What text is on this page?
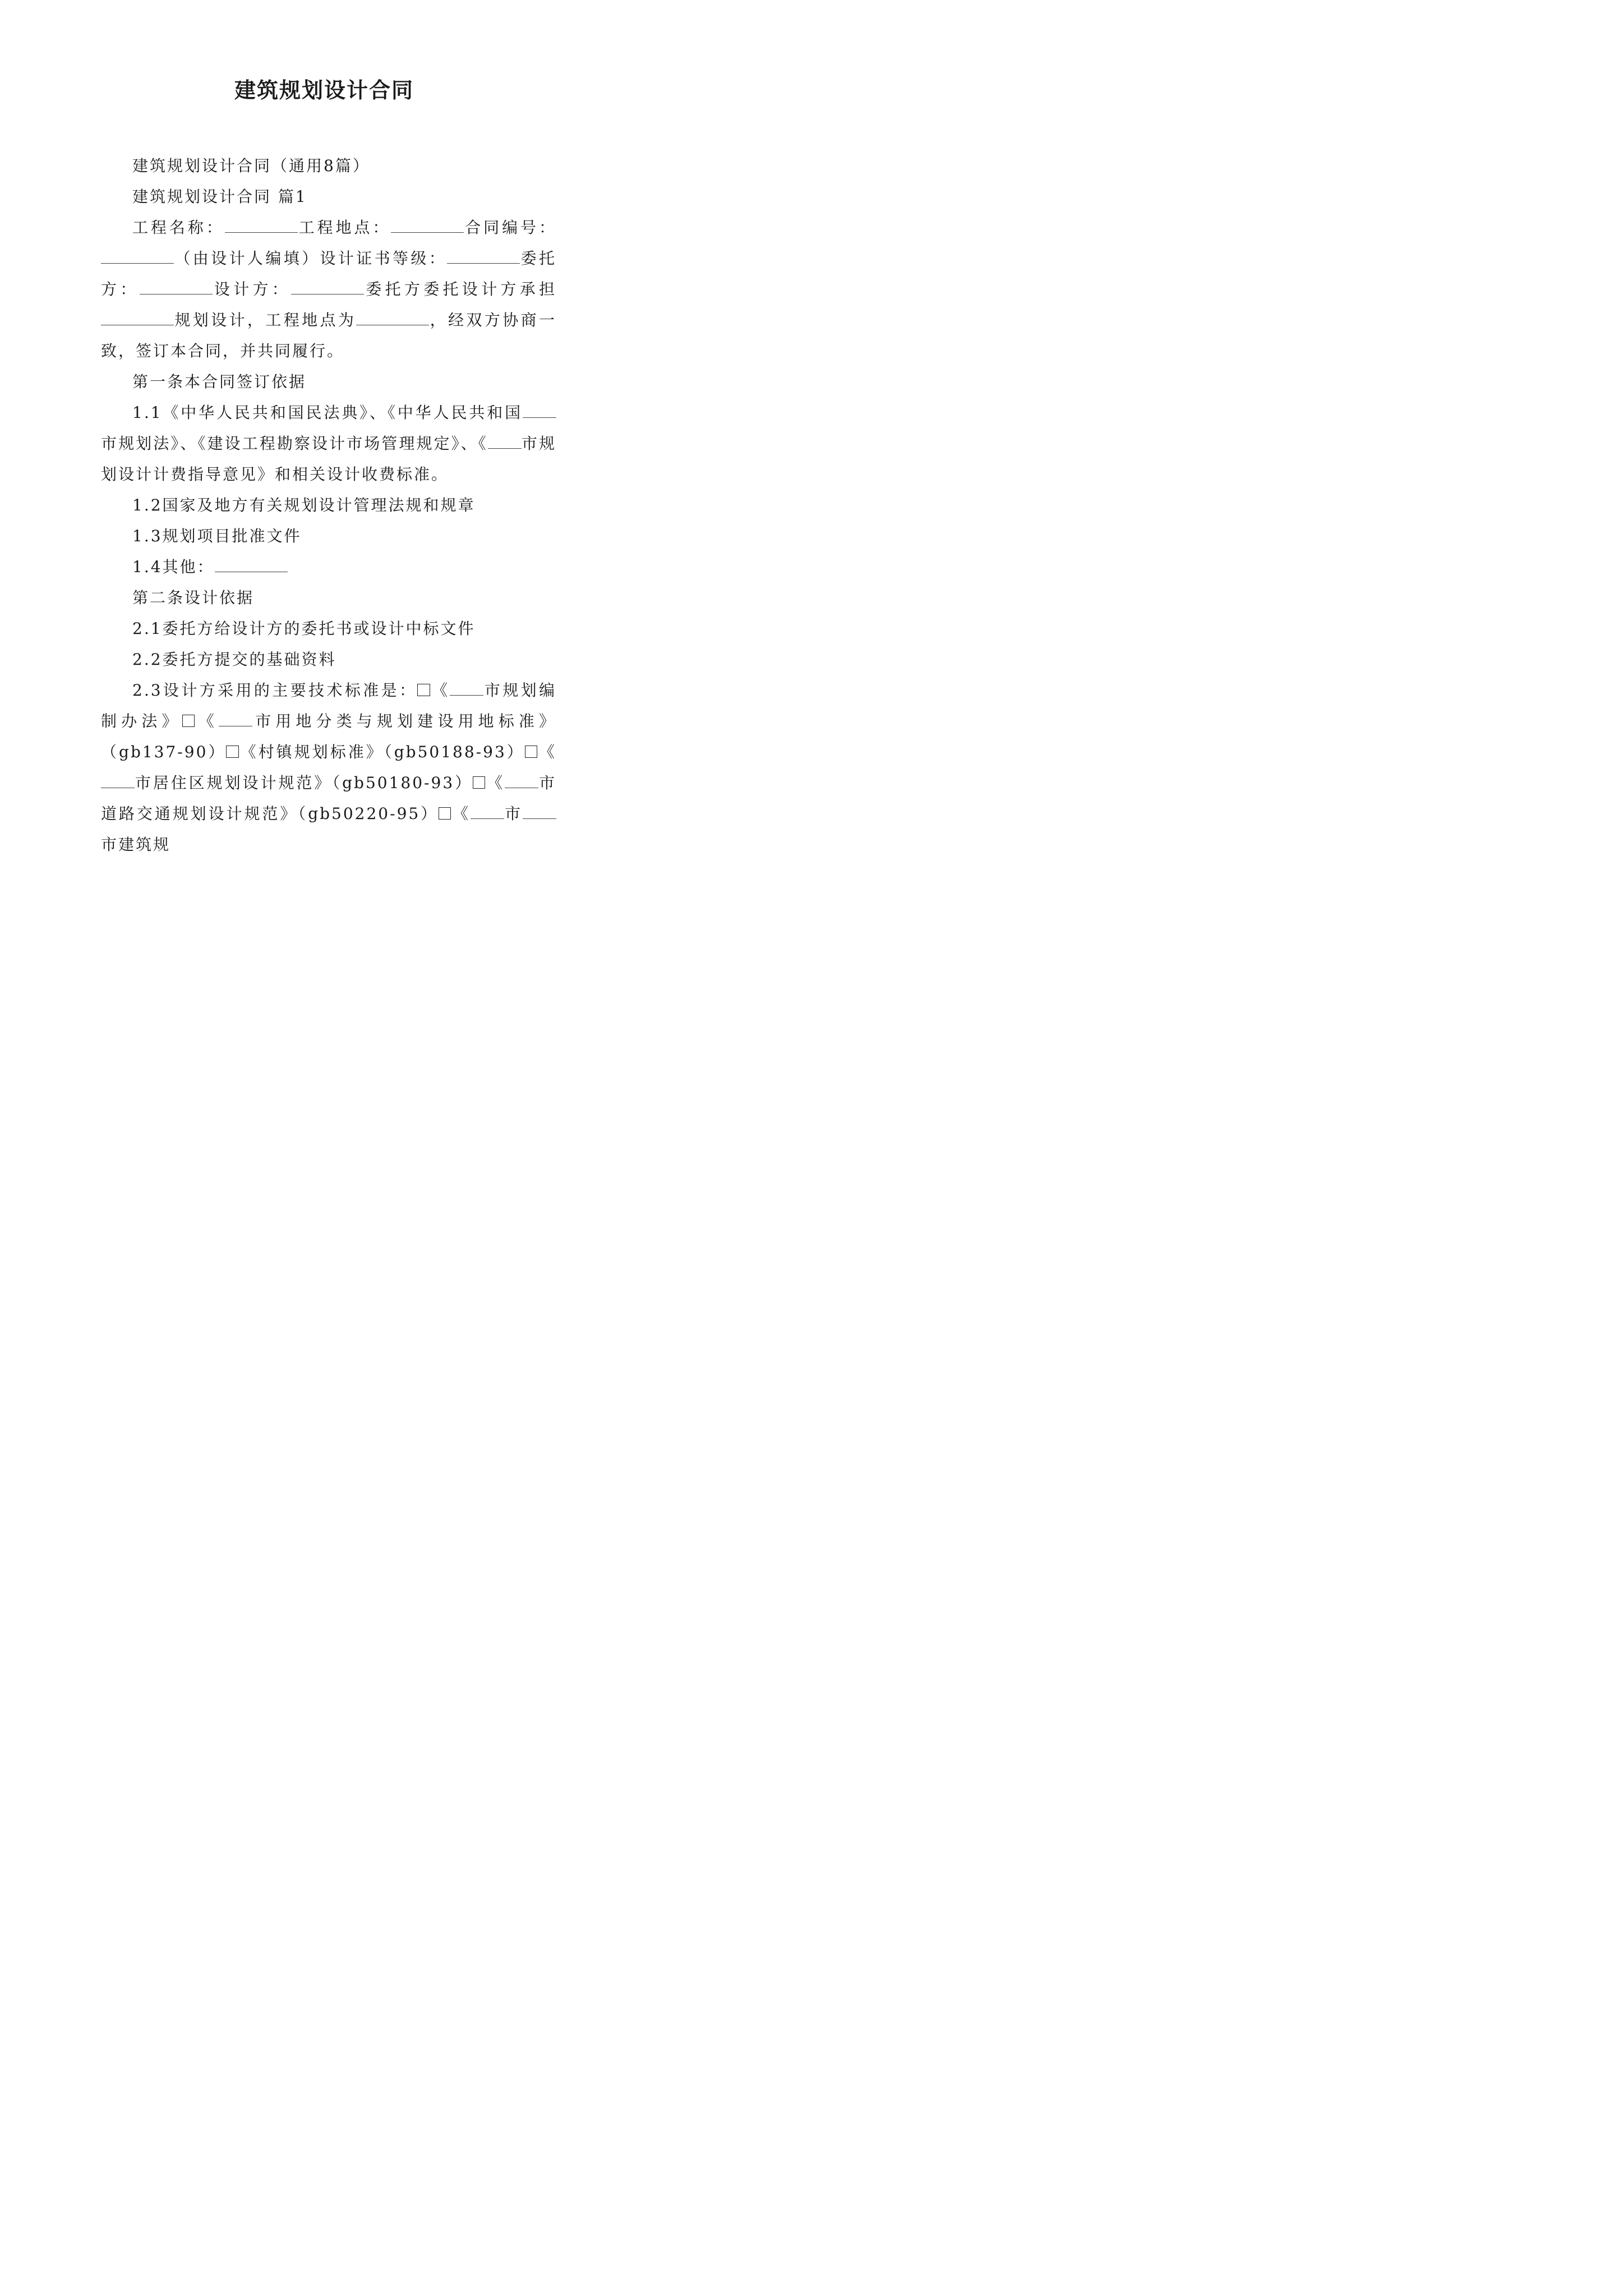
建筑规划设计合同

建筑规划设计合同（通用8篇）

建筑规划设计合同 篇1

工程名称：	工程地点：	合同编号：（由设计人编填）设计证书等级：	委托方：	设计方：	委托方委托设计方承担规划设计，工程地点为	，经双方协商一致，签订本合同，并共同履行。

第一条本合同签订依据

1.1《中华人民共和国民法典》、《中华人民共和国市规划法》、《建设工程勘察设计市场管理规定》、《 市规划设计计费指导意见》和相关设计收费标准。

1.2国家及地方有关规划设计管理法规和规章

1.3规划项目批准文件

1.4其他：

第二条设计依据

2.1委托方给设计方的委托书或设计中标文件

2.2委托方提交的基础资料

2.3设计方采用的主要技术标准是： 《 市规划编制办法》 《 市用地分类与规划建设用地标准》（gb137-90） 《村镇规划标准》（gb50188-93） 《市居住区规划设计规范》（gb50180-93） 《 市道路交通规划设计规范》（gb50220-95） 《 市市建筑规
